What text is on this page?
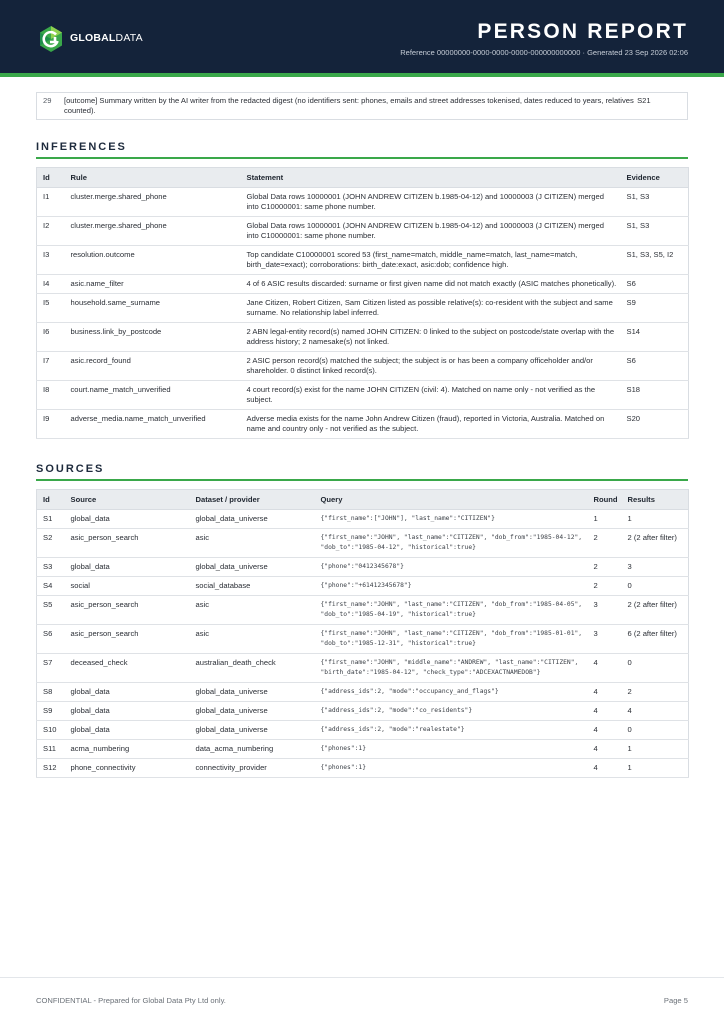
GLOBALDATA	PERSON REPORT
Reference 00000000-0000-0000-0000-000000000000 · Generated 23 Sep 2026 02:06
29	[outcome] Summary written by the AI writer from the redacted digest (no identifiers sent: phones, emails and street addresses tokenised, dates reduced to years, relatives counted).
S21
INFERENCES
Id	Rule	Statement	Evidence
I1	cluster.merge.shared_phone	Global Data rows 10000001 (JOHN ANDREW CITIZEN b.1985-04-12) and 10000003 (J CITIZEN) merged into C10000001: same phone number.	S1, S3
I2	cluster.merge.shared_phone	Global Data rows 10000001 (JOHN ANDREW CITIZEN b.1985-04-12) and 10000003 (J CITIZEN) merged into C10000001: same phone number.	S1, S3
I3	resolution.outcome	Top candidate C10000001 scored 53 (first_name=match, middle_name=match, last_name=match, birth_date=exact); corroborations: birth_date:exact, asic:dob; confidence high.	S1, S3, S5, I2
I4	asic.name_filter	4 of 6 ASIC results discarded: surname or first given name did not match exactly (ASIC matches phonetically).	S6
I5	household.same_surname	Jane Citizen, Robert Citizen, Sam Citizen listed as possible relative(s): co-resident with the subject and same surname. No relationship label inferred.	S9
I6	business.link_by_postcode	2 ABN legal-entity record(s) named JOHN CITIZEN: 0 linked to the subject on postcode/state overlap with the address history; 2 namesake(s) not linked.	S14
I7	asic.record_found	2 ASIC person record(s) matched the subject; the subject is or has been a company officeholder and/or shareholder. 0 distinct linked record(s).	S6
I8	court.name_match_unverified	4 court record(s) exist for the name JOHN CITIZEN (civil: 4). Matched on name only - not verified as the subject.	S18
I9	adverse_media.name_match_unverified	Adverse media exists for the name John Andrew Citizen (fraud), reported in Victoria, Australia. Matched on name and country only - not verified as the subject.	S20
SOURCES
Id	Source	Dataset / provider	Query	Round	Results
S1	global_data	global_data_universe	{"first_name":["JOHN"], "last_name":"CITIZEN"}	1	1
S2	asic_person_search	asic	{"first_name":"JOHN", "last_name":"CITIZEN", "dob_from":"1985-04-12", "dob_to":"1985-04-12", "historical":true}	2	2 (2 after filter)
S3	global_data	global_data_universe	{"phone":"0412345678"}	2	3
S4	social	social_database	{"phone":"+61412345678"}	2	0
S5	asic_person_search	asic	{"first_name":"JOHN", "last_name":"CITIZEN", "dob_from":"1985-04-05", "dob_to":"1985-04-19", "historical":true}	3	2 (2 after filter)
S6	asic_person_search	asic	{"first_name":"JOHN", "last_name":"CITIZEN", "dob_from":"1985-01-01", "dob_to":"1985-12-31", "historical":true}	3	6 (2 after filter)
S7	deceased_check	australian_death_check	{"first_name":"JOHN", "middle_name":"ANDREW", "last_name":"CITIZEN", "birth_date":"1985-04-12", "check_type":"ADCEXACTNAMEDOB"}	4	0
S8	global_data	global_data_universe	{"address_ids":2, "mode":"occupancy_and_flags"}	4	2
S9	global_data	global_data_universe	{"address_ids":2, "mode":"co_residents"}	4	4
S10	global_data	global_data_universe	{"address_ids":2, "mode":"realestate"}	4	0
S11	acma_numbering	data_acma_numbering	{"phones":1}	4	1
S12	phone_connectivity	connectivity_provider	{"phones":1}	4	1
CONFIDENTIAL - Prepared for Global Data Pty Ltd only.	Page 5
